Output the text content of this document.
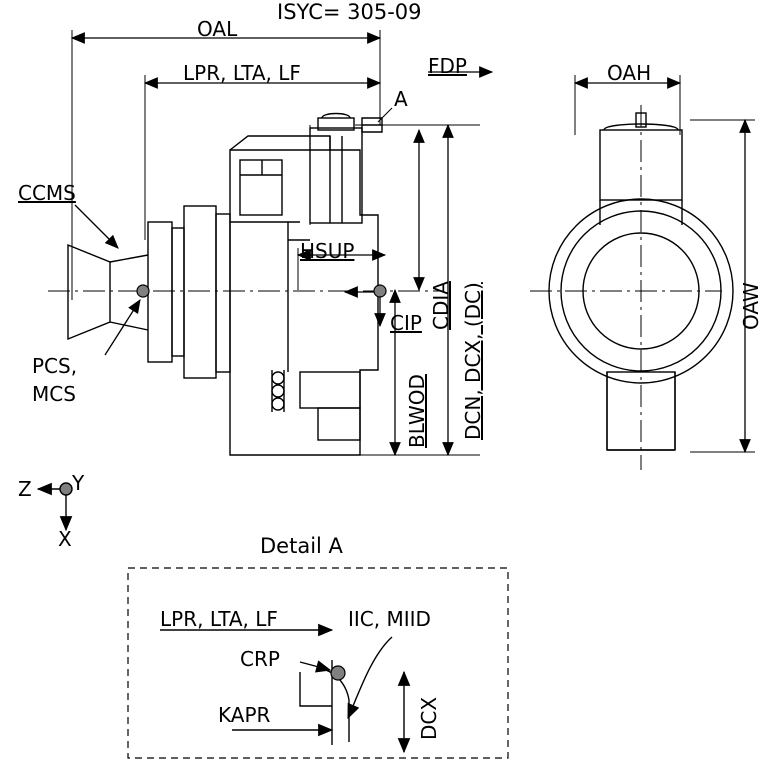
ISYC= 305-09
OAL
LPR, LTA, LF	FDP
A
CCMS
PCS,
MCS
HSUP
CIP CDIA DCN, DCX, (DC)
BLWOD
OAH
OAW
Z Y
X	Detail A
LPR, LTA, LF	IIC, MIID
CRP
KAPR	DCX
